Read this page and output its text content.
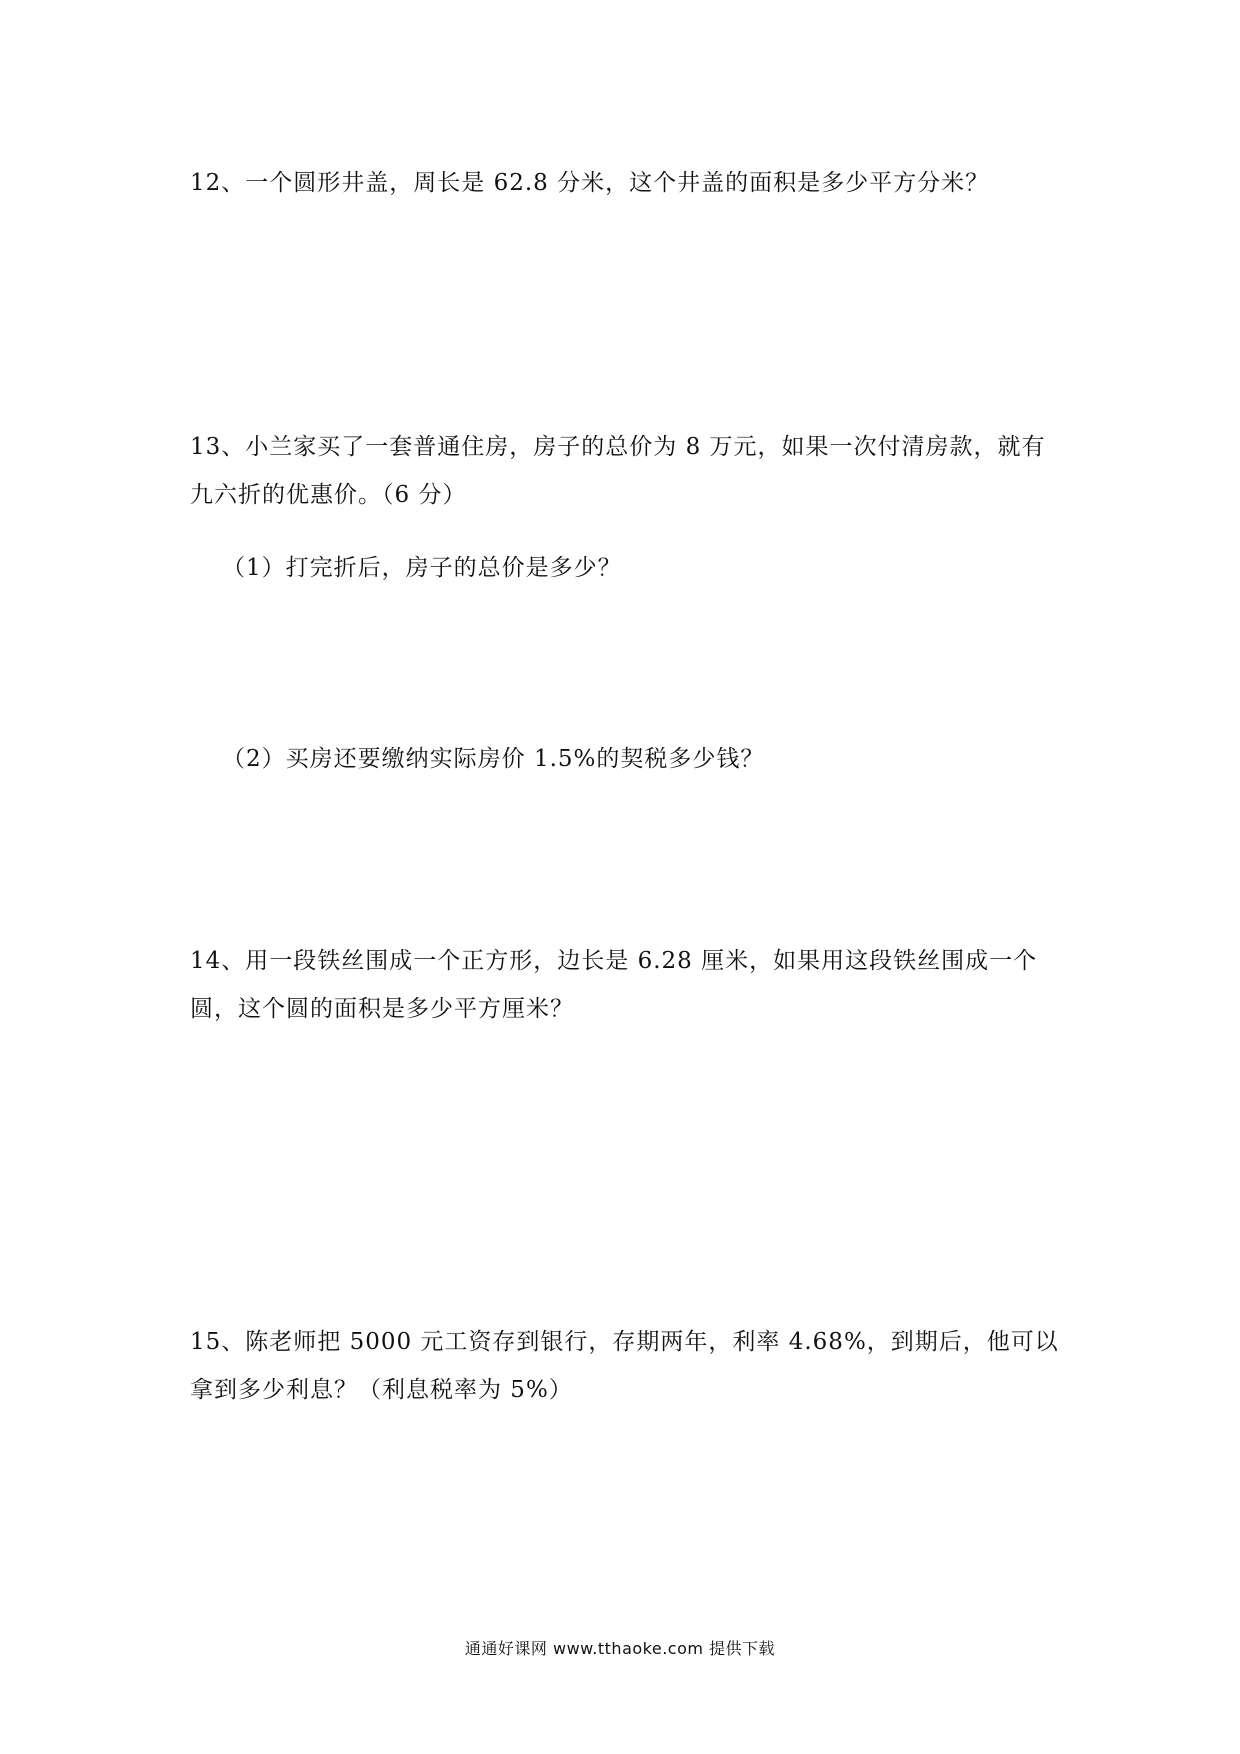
12、一个圆形井盖，周长是 62.8 分米，这个井盖的面积是多少平方分米？
13、小兰家买了一套普通住房，房子的总价为 8 万元，如果一次付清房款，就有
九六折的优惠价。（6 分）
（1）打完折后，房子的总价是多少？
（2）买房还要缴纳实际房价 1.5%的契税多少钱？
14、用一段铁丝围成一个正方形，边长是 6.28 厘米，如果用这段铁丝围成一个
圆，这个圆的面积是多少平方厘米？
15、陈老师把 5000 元工资存到银行，存期两年，利率 4.68%，到期后，他可以
拿到多少利息？（利息税率为 5%）
通通好课网 www.tthaoke.com 提供下载
